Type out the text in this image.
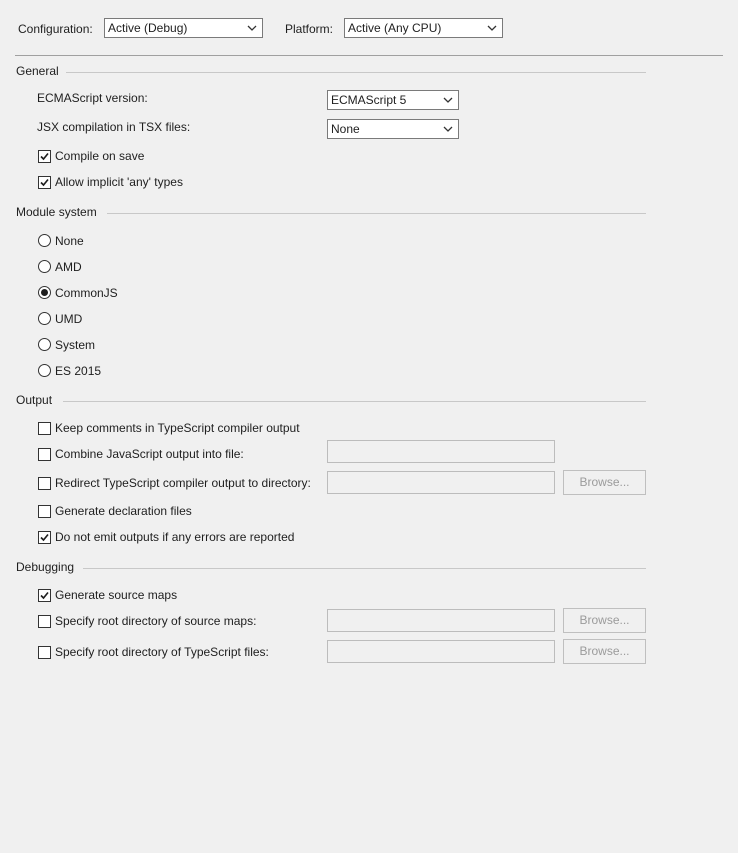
Configuration: Active (Debug)	Platform: Active (Any CPU)
General
ECMAScript version:	ECMAScript 5
JSX compilation in TSX files:	None
Compile on save
Allow implicit 'any' types
Module system
None
AMD
CommonJS
UMD
System
ES 2015
Output
Keep comments in TypeScript compiler output
Combine JavaScript output into file:
Redirect TypeScript compiler output to directory:	Browse...
Generate declaration files
Do not emit outputs if any errors are reported
Debugging
Generate source maps
Specify root directory of source maps:	Browse...
Specify root directory of TypeScript files:	Browse...
